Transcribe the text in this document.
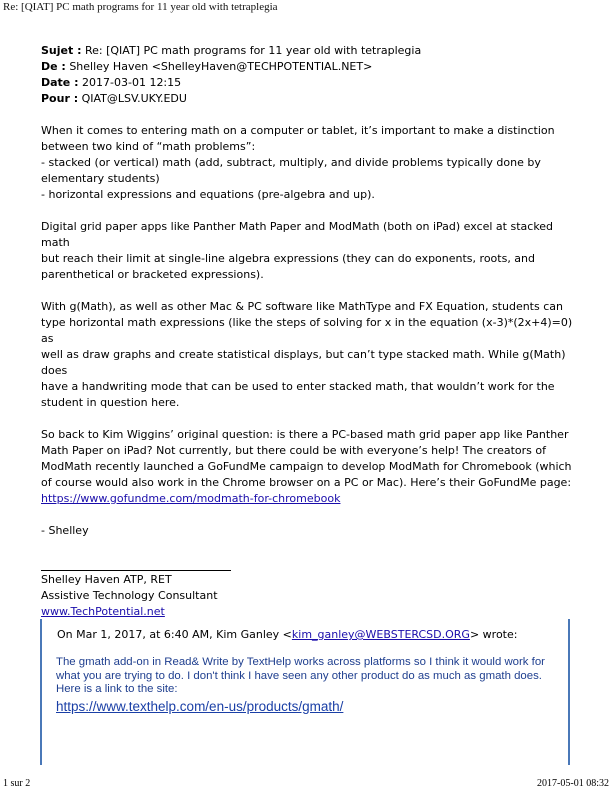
Re: [QIAT] PC math programs for 11 year old with tetraplegia
Sujet : Re: [QIAT] PC math programs for 11 year old with tetraplegia
De : Shelley Haven <ShelleyHaven@TECHPOTENTIAL.NET>
Date : 2017-03-01 12:15
Pour : QIAT@LSV.UKY.EDU
When it comes to entering math on a computer or tablet, it’s important to make a distinction
between two kind of “math problems”:
- stacked (or vertical) math (add, subtract, multiply, and divide problems typically done by
elementary students)
- horizontal expressions and equations (pre-algebra and up).
Digital grid paper apps like Panther Math Paper and ModMath (both on iPad) excel at stacked math
but reach their limit at single-line algebra expressions (they can do exponents, roots, and
parenthetical or bracketed expressions).
With g(Math), as well as other Mac & PC software like MathType and FX Equation, students can
type horizontal math expressions (like the steps of solving for x in the equation (x-3)*(2x+4)=0) as
well as draw graphs and create statistical displays, but can’t type stacked math. While g(Math) does
have a handwriting mode that can be used to enter stacked math, that wouldn’t work for the
student in question here.
So back to Kim Wiggins’ original question: is there a PC-based math grid paper app like Panther
Math Paper on iPad? Not currently, but there could be with everyone’s help! The creators of
ModMath recently launched a GoFundMe campaign to develop ModMath for Chromebook (which
of course would also work in the Chrome browser on a PC or Mac). Here’s their GoFundMe page:
https://www.gofundme.com/modmath-for-chromebook
- Shelley
Shelley Haven ATP, RET
Assistive Technology Consultant
www.TechPotential.net
On Mar 1, 2017, at 6:40 AM, Kim Ganley <kim_ganley@WEBSTERCSD.ORG> wrote:
The gmath add-on in Read& Write by TextHelp works across platforms so I think it would work for
what you are trying to do. I don't think I have seen any other product do as much as gmath does.
Here is a link to the site:
https://www.texthelp.com/en-us/products/gmath/
1 sur 2	2017-05-01 08:32
